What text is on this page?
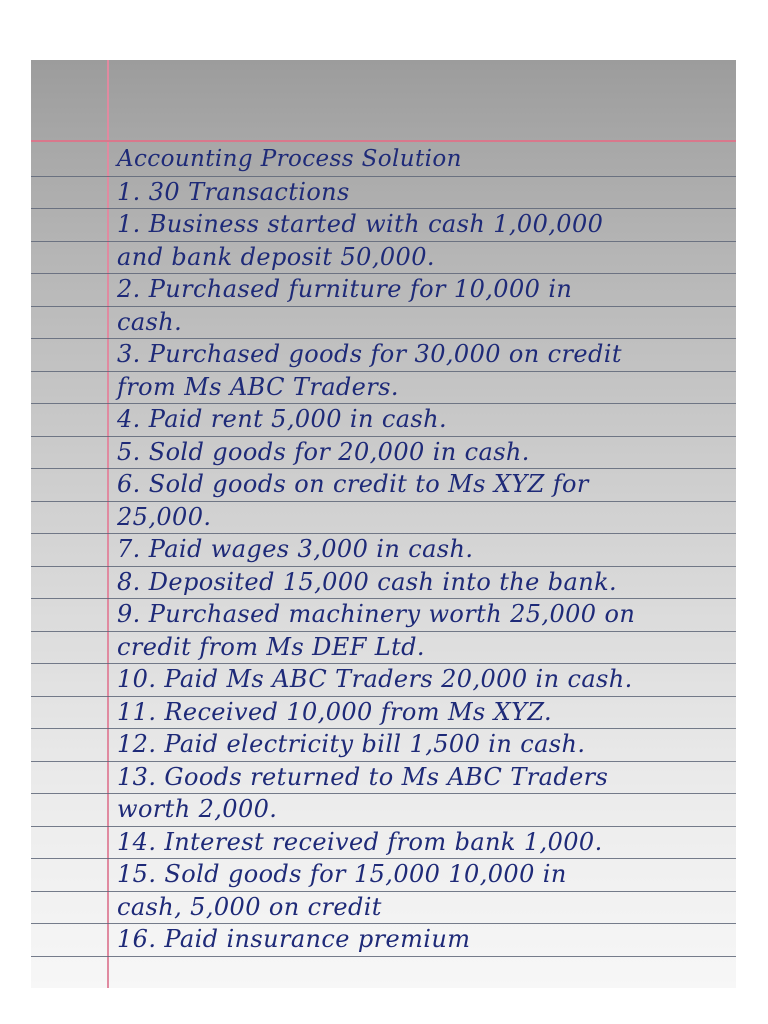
Accounting Process Solution
1. 30 Transactions
1. Business started with cash 1,00,000
and bank deposit 50,000.
2. Purchased furniture for 10,000 in
cash.
3. Purchased goods for 30,000 on credit
from Ms ABC Traders.
4. Paid rent 5,000 in cash.
5. Sold goods for 20,000 in cash.
6. Sold goods on credit to Ms XYZ for
25,000.
7. Paid wages 3,000 in cash.
8. Deposited 15,000 cash into the bank.
9. Purchased machinery worth 25,000 on
credit from Ms DEF Ltd.
10. Paid Ms ABC Traders 20,000 in cash.
11. Received 10,000 from Ms XYZ.
12. Paid electricity bill 1,500 in cash.
13. Goods returned to Ms ABC Traders
worth 2,000.
14. Interest received from bank 1,000.
15. Sold goods for 15,000 10,000 in
cash, 5,000 on credit
16. Paid insurance premium
